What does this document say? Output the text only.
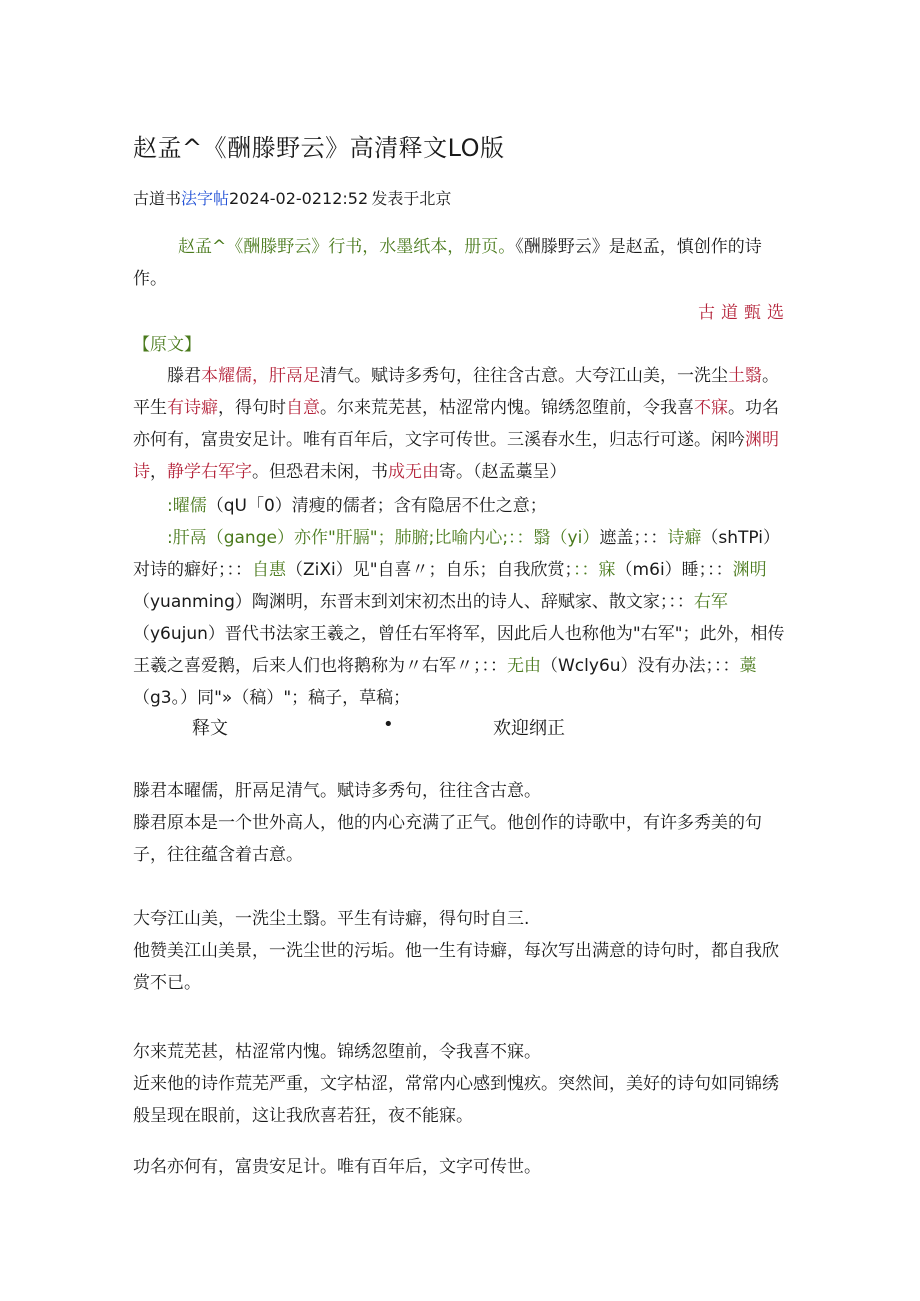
赵孟^《酬滕野云》高清释文LO版
古道书法字帖2024-02-0212:52  发表于北京

赵孟^《酬滕野云》行书，水墨纸本，册页。《酬滕野云》是赵孟，慎创作的诗作。

古道甄选
【原文】

滕君本耀儒，肝鬲足清气。赋诗多秀句，往往含古意。大夸江山美，一洗尘土翳。平生有诗癖，得句时自意。尔来荒芜甚，枯涩常内愧。锦绣忽堕前，令我喜不寐。功名亦何有，富贵安足计。唯有百年后，文字可传世。三溪春水生，归志行可遂。闲吟渊明诗，静学右军字。但恐君未闲，书成无由寄。（赵孟藁呈）

:曜儒（qU「0）清瘦的儒者；含有隐居不仕之意；

:肝鬲（gange）亦作"肝膈"；肺腑;比喻内心;：：翳（yi）遮盖；：：诗癖（shTPi）对诗的癖好；：：自惠（ZiXi）见"自喜〃；自乐；自我欣赏；：：寐（m6i）睡；：：渊明（yuanming）陶渊明，东晋末到刘宋初杰出的诗人、辞赋家、散文家；：：右军（y6ujun）晋代书法家王羲之，曾任右军将军，因此后人也称他为"右军"；此外，相传王羲之喜爱鹅，后来人们也将鹅称为〃右军〃；：：无由（Wcly6u）没有办法；：：藁（g3。）同"»（稿）"；稿子，草稿；

释文	•	欢迎纲正
滕君本曜儒，肝鬲足清气。赋诗多秀句，往往含古意。
滕君原本是一个世外高人，他的内心充满了正气。他创作的诗歌中，有许多秀美的句子，往往蕴含着古意。
大夸江山美，一洗尘土翳。平生有诗癖，得句时自三.
他赞美江山美景，一洗尘世的污垢。他一生有诗癖，每次写出满意的诗句时，都自我欣赏不已。
尔来荒芜甚，枯涩常内愧。锦绣忽堕前，令我喜不寐。
近来他的诗作荒芜严重，文字枯涩，常常内心感到愧疚。突然间，美好的诗句如同锦绣般呈现在眼前，这让我欣喜若狂，夜不能寐。
功名亦何有，富贵安足计。唯有百年后，文字可传世。
